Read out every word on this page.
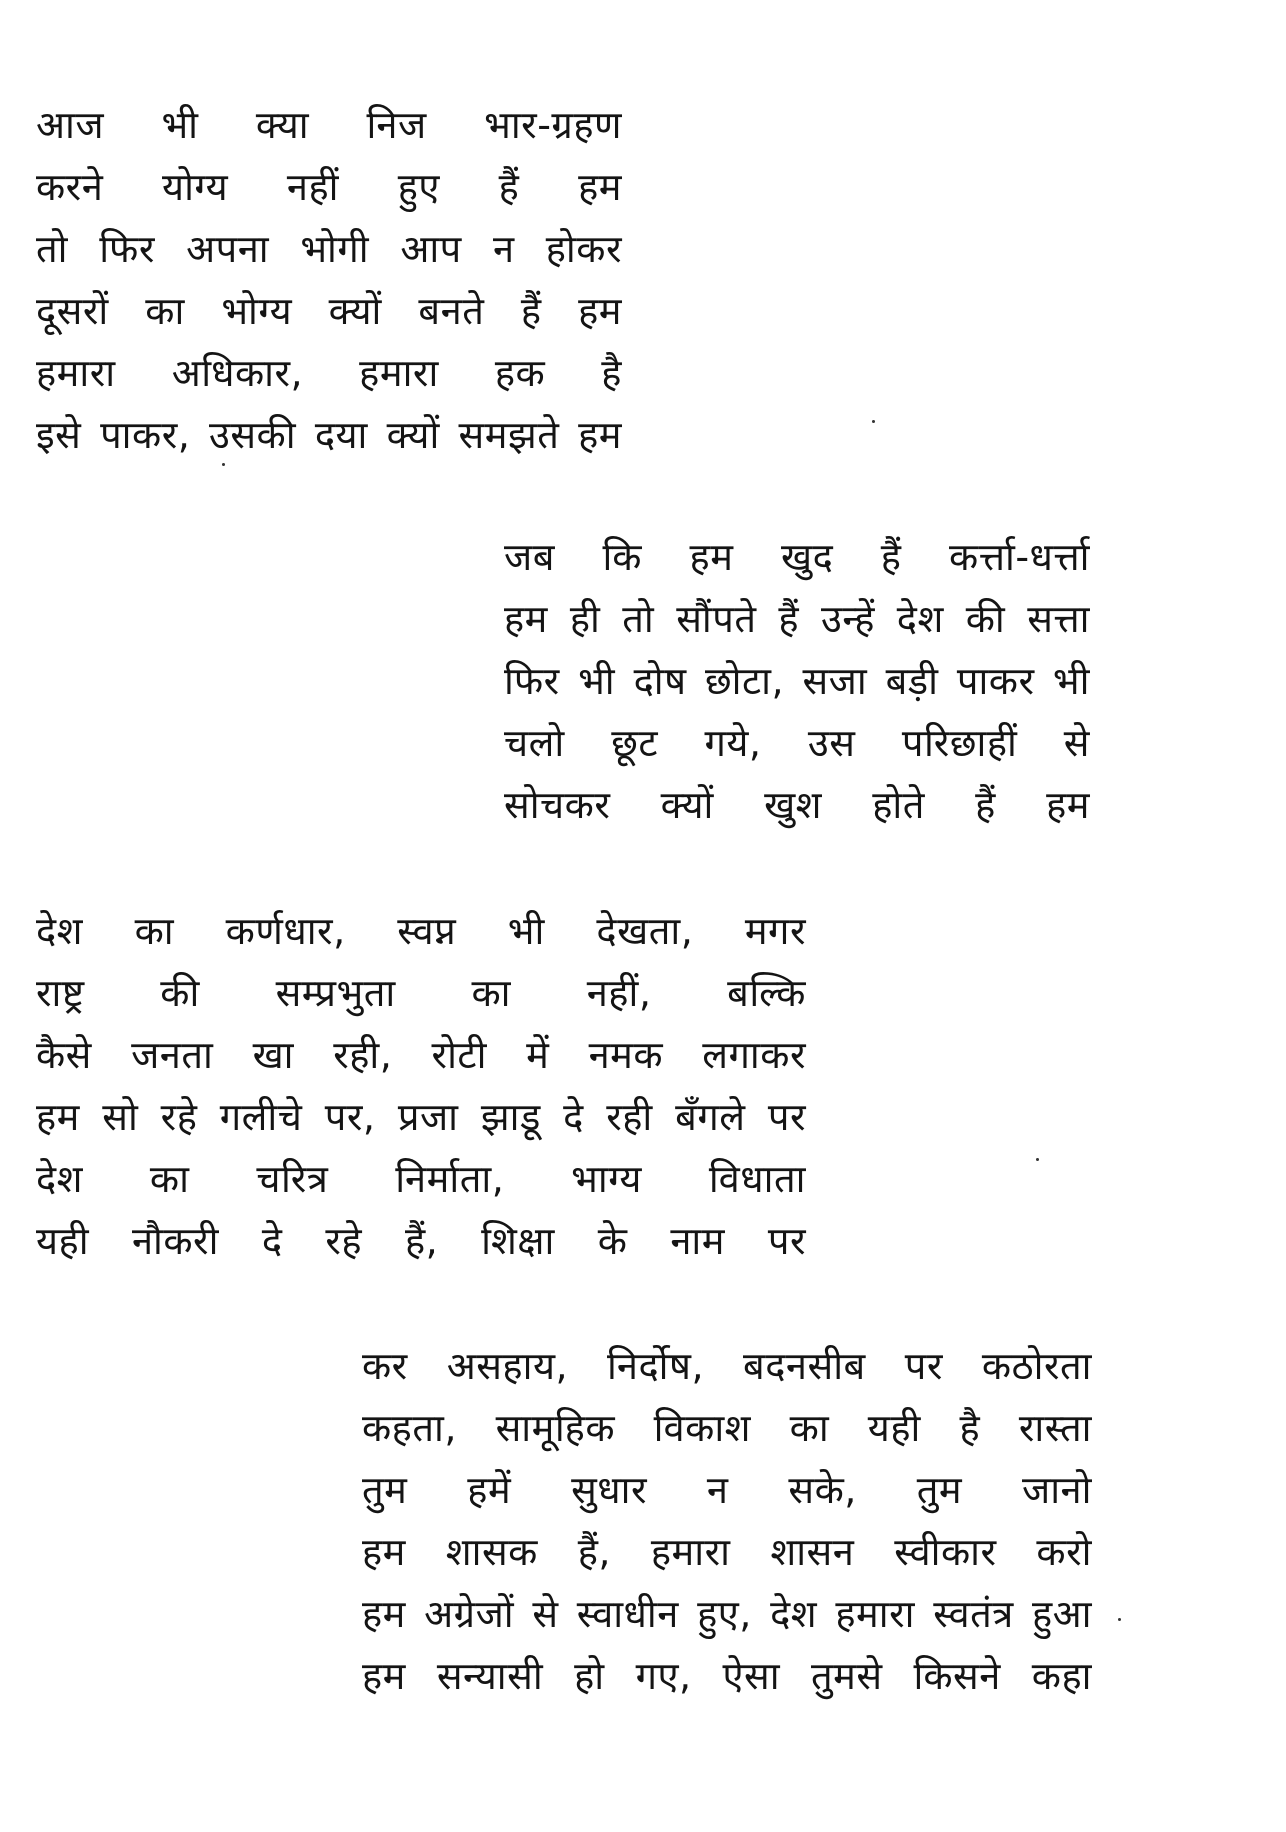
आज भी क्या निज भार-ग्रहण
करने योग्य नहीं हुए हैं हम
तो फिर अपना भोगी आप न होकर
दूसरों का भोग्य क्यों बनते हैं हम
हमारा अधिकार, हमारा हक है
इसे पाकर, उसकी दया क्यों समझते हम
जब कि हम खुद हैं कर्त्ता-धर्त्ता
हम ही तो सौंपते हैं उन्हें देश की सत्ता
फिर भी दोष छोटा, सजा बड़ी पाकर भी
चलो छूट गये, उस परिछाहीं से
सोचकर क्यों खुश होते हैं हम
देश का कर्णधार, स्वप्न भी देखता, मगर
राष्ट्र की सम्प्रभुता का नहीं, बल्कि
कैसे जनता खा रही, रोटी में नमक लगाकर
हम सो रहे गलीचे पर, प्रजा झाडू दे रही बँगले पर
देश का चरित्र निर्माता, भाग्य विधाता
यही नौकरी दे रहे हैं, शिक्षा के नाम पर
कर असहाय, निर्दोष, बदनसीब पर कठोरता
कहता, सामूहिक विकाश का यही है रास्ता
तुम हमें सुधार न सके, तुम जानो
हम शासक हैं, हमारा शासन स्वीकार करो
हम अग्रेजों से स्वाधीन हुए, देश हमारा स्वतंत्र हुआ
हम सन्यासी हो गए, ऐसा तुमसे किसने कहा
